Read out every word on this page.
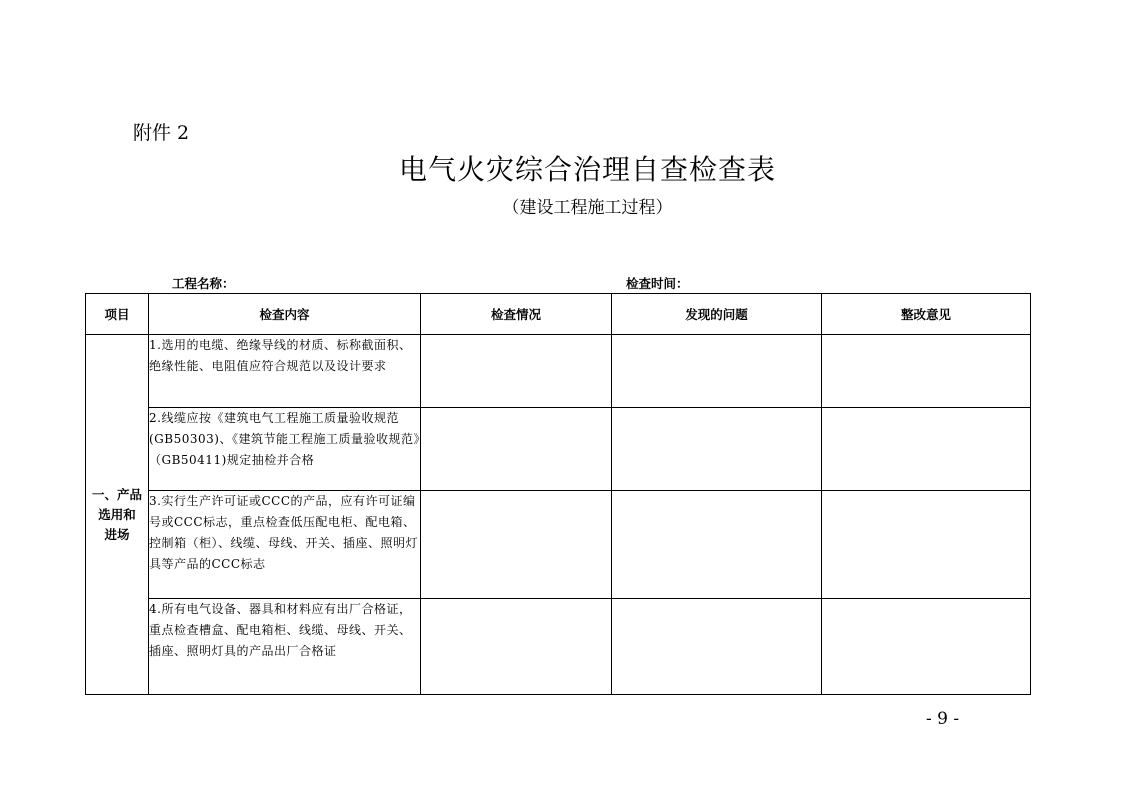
附件 2
电气火灾综合治理自查检查表
（建设工程施工过程）
工程名称：	检查时间：
项目	检查内容	检查情况	发现的问题	整改意见

一、产品
选用和
进场	1.选用的电缆、绝缘导线的材质、标称截面积、绝缘性能、电阻值应符合规范以及设计要求			
	2.线缆应按《建筑电气工程施工质量验收规范(GB50303)、《建筑节能工程施工质量验收规范》（GB50411)规定抽检并合格			
	3.实行生产许可证或CCC的产品，应有许可证编号或CCC标志，重点检查低压配电柜、配电箱、控制箱（柜）、线缆、母线、开关、插座、照明灯具等产品的CCC标志			
	4.所有电气设备、器具和材料应有出厂合格证，重点检查槽盒、配电箱柜、线缆、母线、开关、插座、照明灯具的产品出厂合格证			
- 9 -
